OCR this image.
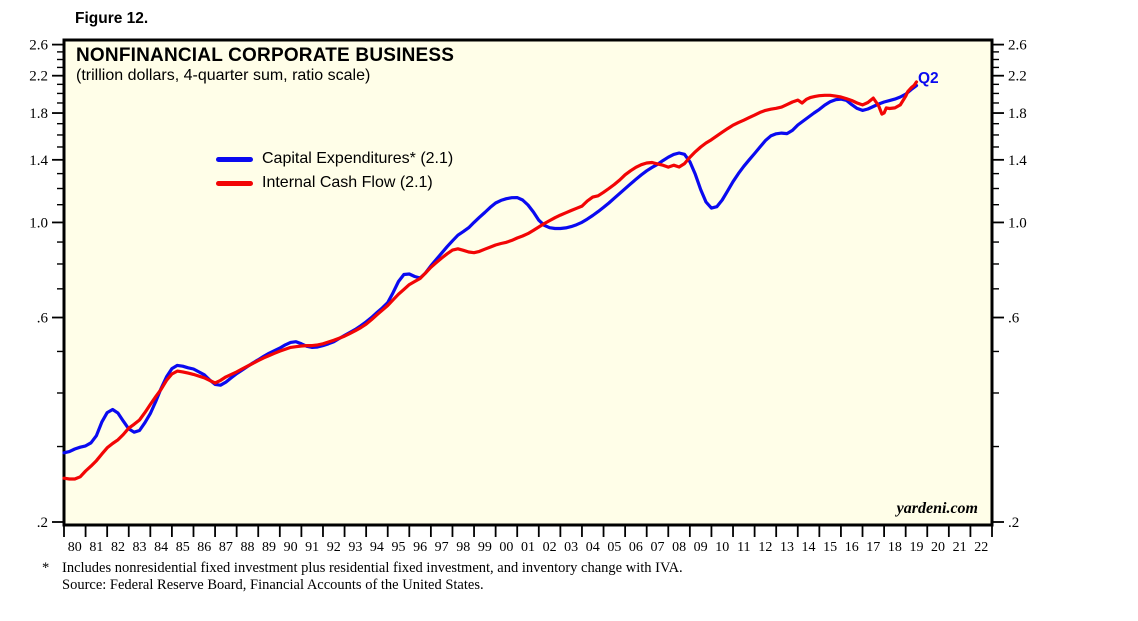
Figure 12.
80 81 82 83 84 85 86 87 88 89 90 91 92 93 94 95 96 97 98 99 00 01 02 03 04 05 06 07 08 09 10 11 12 13 14 15 16 17 18 19 20 21 22
2.6	2.6
2.2	2.2
1.8	1.8
1.4	1.4
1.0	1.0
.6	.6
.2	.2
NONFINANCIAL CORPORATE BUSINESS
(trillion dollars, 4-quarter sum, ratio scale)
Capital Expenditures* (2.1)
Internal Cash Flow (2.1)
Q2
yardeni.com
* Includes nonresidential fixed investment plus residential fixed investment, and inventory change with IVA.
Source: Federal Reserve Board, Financial Accounts of the United States.
